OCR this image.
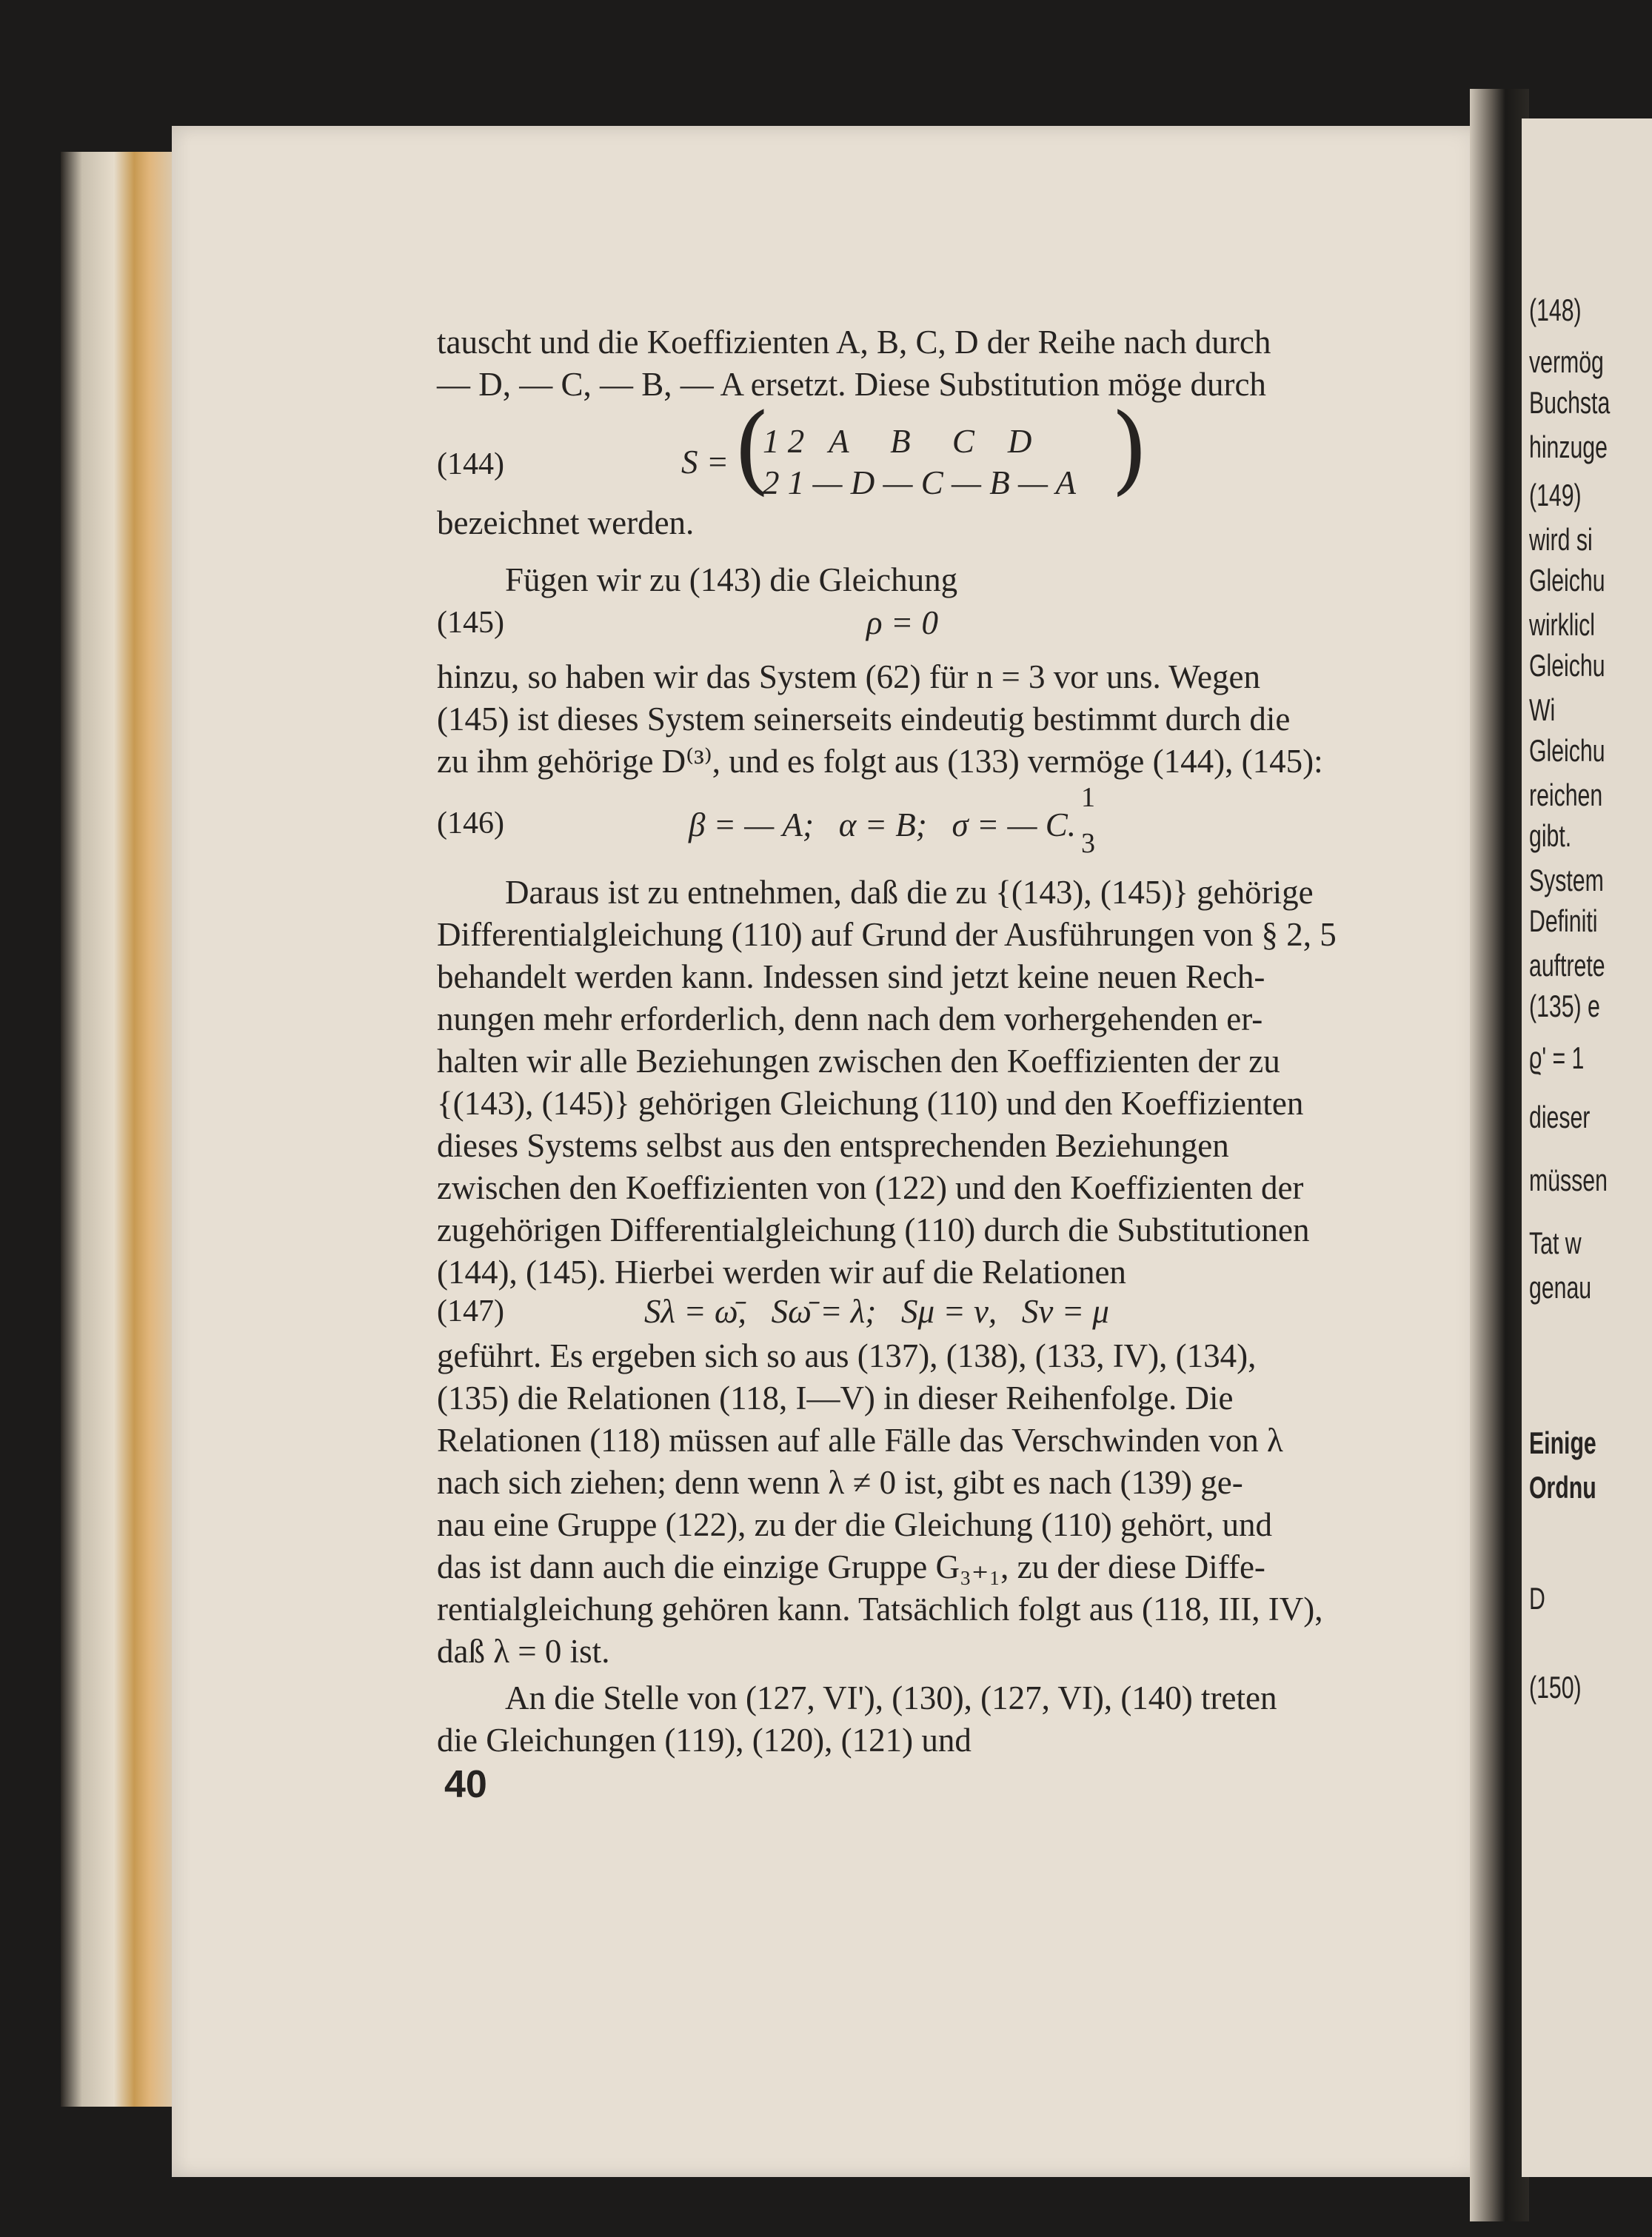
(148)
vermög
Buchsta
hinzuge
(149)
wird si
Gleichu
wirklicl
Gleichu
Wi
Gleichu
reichen
gibt.
System
Definiti
auftrete
(135) e
ϱ' = 1
dieser
müssen
Tat w
genau
Einige
Ordnu
D
(150)
tauscht und die Koeffizienten A, B, C, D der Reihe nach durch
— D, — C, — B, — A ersetzt. Diese Substitution möge durch
bezeichnet werden.
Fügen wir zu (143) die Gleichung
hinzu, so haben wir das System (62) für n = 3 vor uns. Wegen
(145) ist dieses System seinerseits eindeutig bestimmt durch die
zu ihm gehörige D⁽³⁾, und es folgt aus (133) vermöge (144), (145):
Daraus ist zu entnehmen, daß die zu {(143), (145)} gehörige
Differentialgleichung (110) auf Grund der Ausführungen von § 2, 5
behandelt werden kann. Indessen sind jetzt keine neuen Rech-
nungen mehr erforderlich, denn nach dem vorhergehenden er-
halten wir alle Beziehungen zwischen den Koeffizienten der zu
{(143), (145)} gehörigen Gleichung (110) und den Koeffizienten
dieses Systems selbst aus den entsprechenden Beziehungen
zwischen den Koeffizienten von (122) und den Koeffizienten der
zugehörigen Differentialgleichung (110) durch die Substitutionen
(144), (145). Hierbei werden wir auf die Relationen
geführt. Es ergeben sich so aus (137), (138), (133, IV), (134),
(135) die Relationen (118, I—V) in dieser Reihenfolge. Die
Relationen (118) müssen auf alle Fälle das Verschwinden von λ
nach sich ziehen; denn wenn λ ≠ 0 ist, gibt es nach (139) ge-
nau eine Gruppe (122), zu der die Gleichung (110) gehört, und
das ist dann auch die einzige Gruppe G₃₊₁, zu der diese Diffe-
rentialgleichung gehören kann. Tatsächlich folgt aus (118, III, IV),
daß λ = 0 ist.
An die Stelle von (127, VI'), (130), (127, VI), (140) treten
die Gleichungen (119), (120), (121) und
(144)	S = (
1 2   A     B     C    D
2 1 — D — C — B — A )
(145)	ρ = 0
(146)	β = — A;   α = B;   σ = — C.
1
3
(147)	Sλ = ω̄,   Sω̄ = λ;   Sμ = ν,   Sν = μ
40
